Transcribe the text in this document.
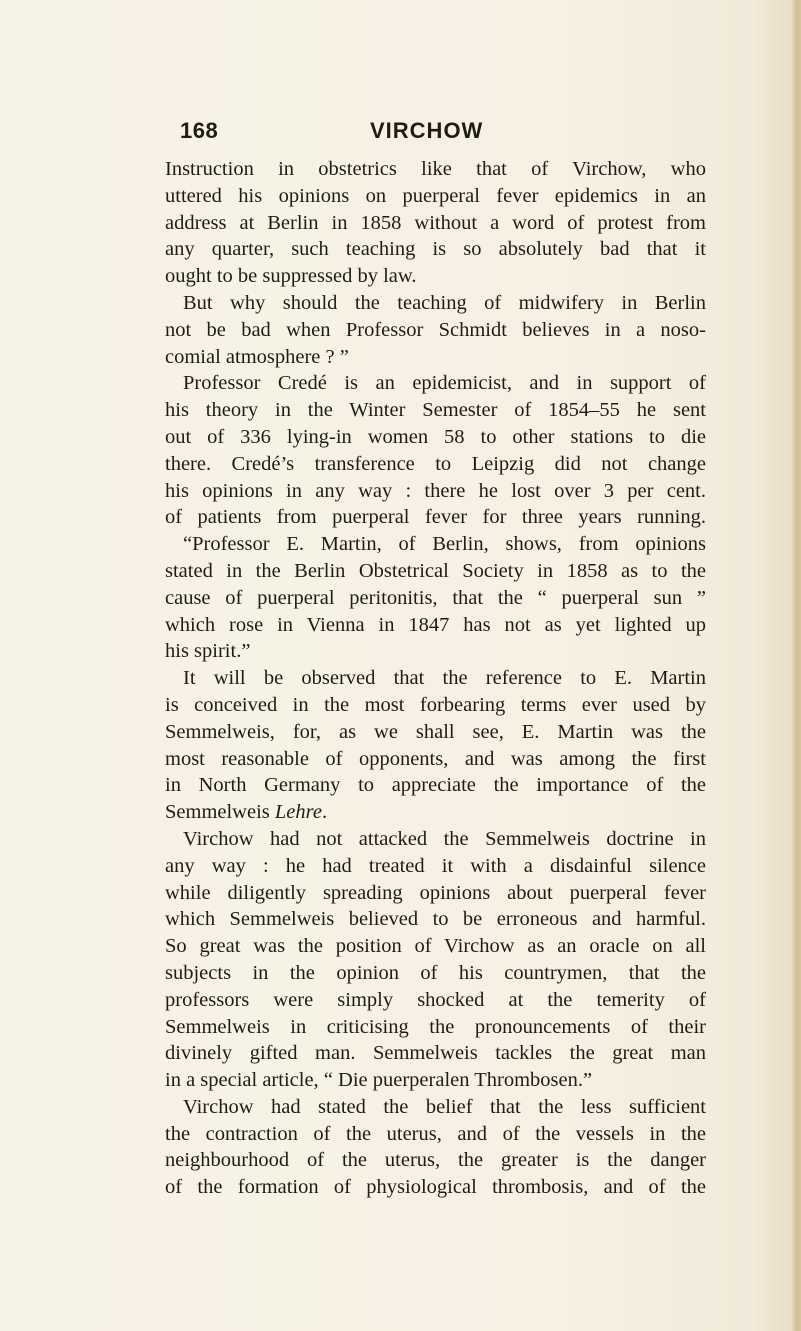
168	VIRCHOW
Instruction in obstetrics like that of Virchow, who
uttered his opinions on puerperal fever epidemics in an
address at Berlin in 1858 without a word of protest from
any quarter, such teaching is so absolutely bad that it
ought to be suppressed by law.
But why should the teaching of midwifery in Berlin
not be bad when Professor Schmidt believes in a noso-
comial atmosphere ? ”
Professor Credé is an epidemicist, and in support of
his theory in the Winter Semester of 1854–55 he sent
out of 336 lying-in women 58 to other stations to die
there. Credé’s transference to Leipzig did not change
his opinions in any way : there he lost over 3 per cent.
of patients from puerperal fever for three years running.
“Professor E. Martin, of Berlin, shows, from opinions
stated in the Berlin Obstetrical Society in 1858 as to the
cause of puerperal peritonitis, that the “ puerperal sun ”
which rose in Vienna in 1847 has not as yet lighted up
his spirit.”
It will be observed that the reference to E. Martin
is conceived in the most forbearing terms ever used by
Semmelweis, for, as we shall see, E. Martin was the
most reasonable of opponents, and was among the first
in North Germany to appreciate the importance of the
Semmelweis Lehre.
Virchow had not attacked the Semmelweis doctrine in
any way : he had treated it with a disdainful silence
while diligently spreading opinions about puerperal fever
which Semmelweis believed to be erroneous and harmful.
So great was the position of Virchow as an oracle on all
subjects in the opinion of his countrymen, that the
professors were simply shocked at the temerity of
Semmelweis in criticising the pronouncements of their
divinely gifted man. Semmelweis tackles the great man
in a special article, “ Die puerperalen Thrombosen.”
Virchow had stated the belief that the less sufficient
the contraction of the uterus, and of the vessels in the
neighbourhood of the uterus, the greater is the danger
of the formation of physiological thrombosis, and of the
